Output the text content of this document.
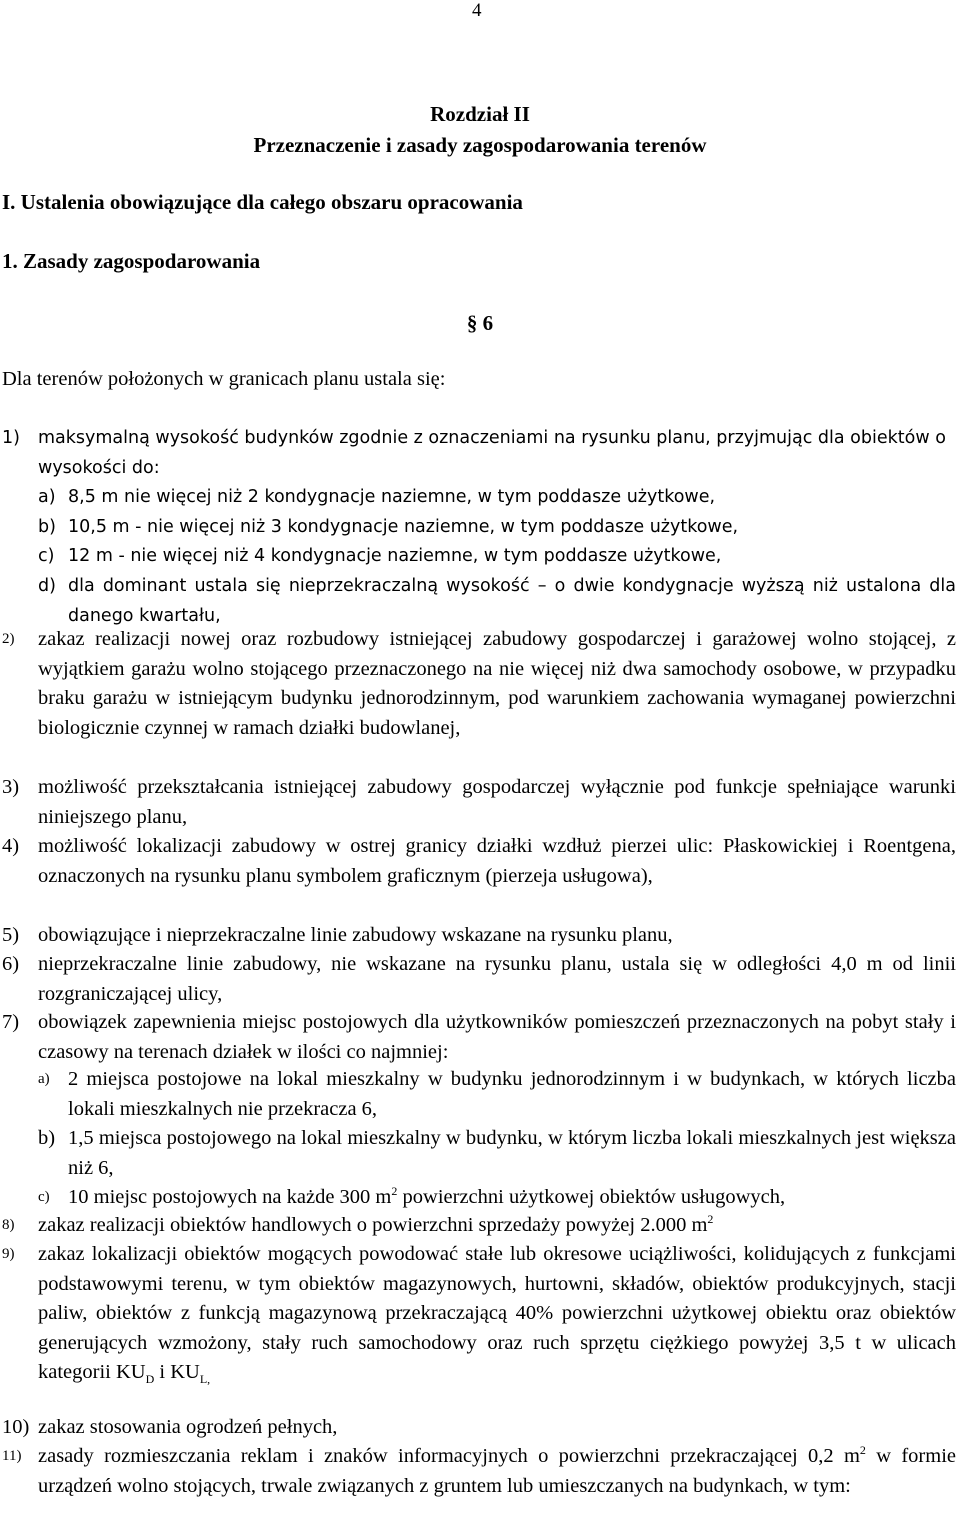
4
Rozdział II
Przeznaczenie i zasady zagospodarowania terenów
I. Ustalenia obowiązujące dla całego obszaru opracowania
1. Zasady zagospodarowania
§ 6
Dla terenów położonych w granicach planu ustala się:
1) maksymalną wysokość budynków zgodnie z oznaczeniami na rysunku planu, przyjmując dla obiektów o wysokości do:
a) 8,5 m nie więcej niż 2 kondygnacje naziemne, w tym poddasze użytkowe,
b) 10,5 m - nie więcej niż 3 kondygnacje naziemne, w tym poddasze użytkowe,
c) 12 m - nie więcej niż 4 kondygnacje naziemne, w tym poddasze użytkowe,
d) dla dominant ustala się nieprzekraczalną wysokość – o dwie kondygnacje wyższą niż ustalona dla danego kwartału,
2) zakaz realizacji nowej oraz rozbudowy istniejącej zabudowy gospodarczej i garażowej wolno stojącej, z wyjątkiem garażu wolno stojącego przeznaczonego na nie więcej niż dwa samochody osobowe, w przypadku braku garażu w istniejącym budynku jednorodzinnym, pod warunkiem zachowania wymaganej powierzchni biologicznie czynnej w ramach działki budowlanej,
3) możliwość przekształcania istniejącej zabudowy gospodarczej wyłącznie pod funkcje spełniające warunki niniejszego planu,
4) możliwość lokalizacji zabudowy w ostrej granicy działki wzdłuż pierzei ulic: Płaskowickiej i Roentgena, oznaczonych na rysunku planu symbolem graficznym (pierzeja usługowa),
5) obowiązujące i nieprzekraczalne linie zabudowy wskazane na rysunku planu,
6) nieprzekraczalne linie zabudowy, nie wskazane na rysunku planu, ustala się w odległości 4,0 m od linii rozgraniczającej ulicy,
7) obowiązek zapewnienia miejsc postojowych dla użytkowników pomieszczeń przeznaczonych na pobyt stały i czasowy na terenach działek w ilości co najmniej:
a) 2 miejsca postojowe na lokal mieszkalny w budynku jednorodzinnym i w budynkach, w których liczba lokali mieszkalnych nie przekracza 6,
b) 1,5 miejsca postojowego na lokal mieszkalny w budynku, w którym liczba lokali mieszkalnych jest większa niż 6,
c) 10 miejsc postojowych na każde 300 $m^2$ powierzchni użytkowej obiektów usługowych,
8) zakaz realizacji obiektów handlowych o powierzchni sprzedaży powyżej 2.000 $m^2$
9) zakaz lokalizacji obiektów mogących powodować stałe lub okresowe uciążliwości, kolidujących z funkcjami podstawowymi terenu, w tym obiektów magazynowych, hurtowni, składów, obiektów produkcyjnych, stacji paliw, obiektów z funkcją magazynową przekraczającą 40% powierzchni użytkowej obiektu oraz obiektów generujących wzmożony, stały ruch samochodowy oraz ruch sprzętu ciężkiego powyżej 3,5 t w ulicach kategorii $KU_D$ i $KU_{L,}$
10) zakaz stosowania ogrodzeń pełnych,
11) zasady rozmieszczania reklam i znaków informacyjnych o powierzchni przekraczającej 0,2 $m^2$ w formie urządzeń wolno stojących, trwale związanych z gruntem lub umieszczanych na budynkach, w tym:
